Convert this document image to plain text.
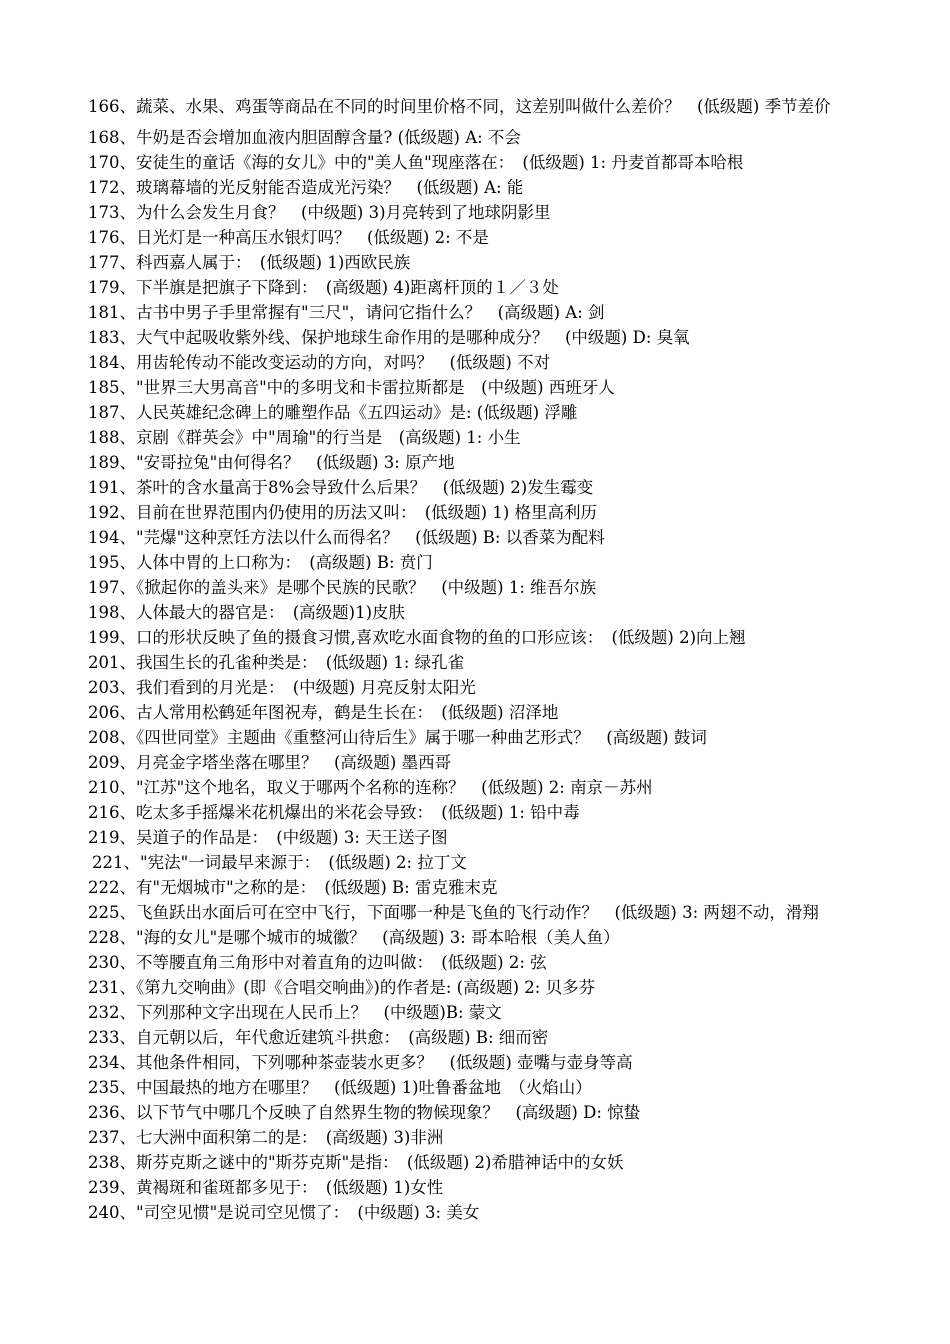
166、蔬菜、水果、鸡蛋等商品在不同的时间里价格不同，这差别叫做什么差价？　(低级题) 季节差价

168、牛奶是否会增加血液内胆固醇含量? (低级题) A: 不会
170、安徒生的童话《海的女儿》中的"美人鱼"现座落在：　(低级题) 1: 丹麦首都哥本哈根
172、玻璃幕墙的光反射能否造成光污染？　(低级题) A: 能
173、为什么会发生月食？　(中级题) 3)月亮转到了地球阴影里
176、日光灯是一种高压水银灯吗？　(低级题) 2: 不是
177、科西嘉人属于：　(低级题) 1)西欧民族
179、下半旗是把旗子下降到：　(高级题) 4)距离杆顶的１／３处
181、古书中男子手里常握有"三尺"，请问它指什么？　(高级题) A: 剑
183、大气中起吸收紫外线、保护地球生命作用的是哪种成分？　(中级题) D: 臭氧
184、用齿轮传动不能改变运动的方向，对吗？　(低级题) 不对
185、"世界三大男高音"中的多明戈和卡雷拉斯都是　(中级题) 西班牙人
187、人民英雄纪念碑上的雕塑作品《五四运动》是: (低级题) 浮雕
188、京剧《群英会》中"周瑜"的行当是　(高级题) 1: 小生
189、"安哥拉兔"由何得名？　(低级题) 3: 原产地
191、茶叶的含水量高于8%会导致什么后果？　(低级题) 2)发生霉变
192、目前在世界范围内仍使用的历法又叫：　(低级题) 1) 格里高利历
194、"芫爆"这种烹饪方法以什么而得名？　(低级题) B: 以香菜为配料
195、人体中胃的上口称为：　(高级题) B: 贲门
197、《掀起你的盖头来》是哪个民族的民歌？　(中级题) 1: 维吾尔族
198、人体最大的器官是：　(高级题)1)皮肤
199、口的形状反映了鱼的摄食习惯,喜欢吃水面食物的鱼的口形应该：　(低级题) 2)向上翘
201、我国生长的孔雀种类是：　(低级题) 1: 绿孔雀
203、我们看到的月光是：　(中级题) 月亮反射太阳光
206、古人常用松鹤延年图祝寿，鹤是生长在：　(低级题) 沼泽地
208、《四世同堂》主题曲《重整河山待后生》属于哪一种曲艺形式？　(高级题) 鼓词
209、月亮金字塔坐落在哪里？　(高级题) 墨西哥
210、"江苏"这个地名，取义于哪两个名称的连称？　(低级题) 2: 南京－苏州
216、吃太多手摇爆米花机爆出的米花会导致：　(低级题) 1: 铅中毒
219、吴道子的作品是：　(中级题) 3: 天王送子图
221、"宪法"一词最早来源于：　(低级题) 2: 拉丁文
222、有"无烟城市"之称的是：　(低级题) B: 雷克雅末克
225、飞鱼跃出水面后可在空中飞行，下面哪一种是飞鱼的飞行动作？　(低级题) 3: 两翅不动，滑翔
228、"海的女儿"是哪个城市的城徽？　(高级题) 3: 哥本哈根（美人鱼）
230、不等腰直角三角形中对着直角的边叫做：　(低级题) 2: 弦
231、《第九交响曲》(即《合唱交响曲》)的作者是: (高级题) 2: 贝多芬
232、下列那种文字出现在人民币上？　(中级题)B: 蒙文
233、自元朝以后，年代愈近建筑斗拱愈：　(高级题) B: 细而密
234、其他条件相同，下列哪种茶壶装水更多？　(低级题) 壶嘴与壶身等高
235、中国最热的地方在哪里？　(低级题) 1)吐鲁番盆地　（火焰山）
236、以下节气中哪几个反映了自然界生物的物候现象？　(高级题) D: 惊蛰
237、七大洲中面积第二的是：　(高级题) 3)非洲
238、斯芬克斯之谜中的"斯芬克斯"是指：　(低级题) 2)希腊神话中的女妖
239、黄褐斑和雀斑都多见于：　(低级题) 1)女性
240、"司空见惯"是说司空见惯了：　(中级题) 3: 美女
